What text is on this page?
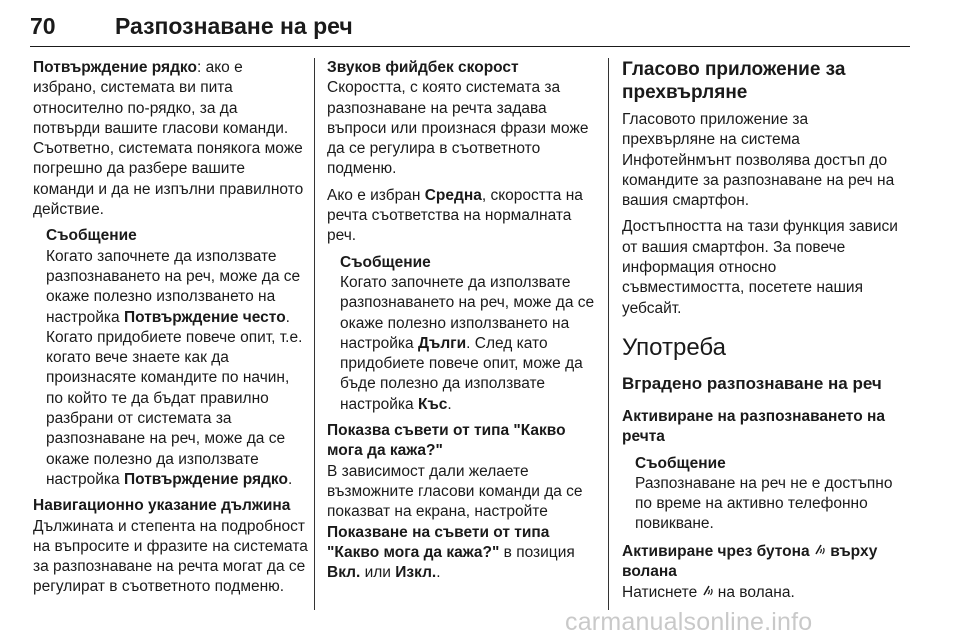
70	Разпознаване на реч

Потвърждение рядко: ако е избрано, системата ви пита относително по-рядко, за да потвърди вашите гласови команди. Съответно, системата понякога може погрешно да разбере вашите команди и да не изпълни правилното действие.

Съобщение

Когато започнете да използвате разпознаването на реч, може да се окаже полезно използването на настройка Потвърждение често. Когато придобиете повече опит, т.е. когато вече знаете как да произнасяте командите по начин, по който те да бъдат правилно разбрани от системата за разпознаване на реч, може да се окаже полезно да използвате настройка Потвърждение рядко.

Навигационно указание дължина

Дължината и степента на подробност на въпросите и фразите на системата за разпознаване на речта могат да се регулират в съответното подменю.

Звуков фийдбек скорост

Скоростта, с която системата за разпознаване на речта задава въпроси или произнася фрази може да се регулира в съответното подменю.

Ако е избран Средна, скоростта на речта съответства на нормалната реч.

Съобщение

Когато започнете да използвате разпознаването на реч, може да се окаже полезно използването на настройка Дълги. След като придобиете повече опит, може да бъде полезно да използвате настройка Къс.

Показва съвети от типа "Какво мога да кажа?"

В зависимост дали желаете възможните гласови команди да се показват на екрана, настройте Показване на съвети от типа "Какво мога да кажа?" в позиция Вкл. или Изкл..

Гласово приложение за прехвърляне

Гласовото приложение за прехвърляне на система Инфотейнмънт позволява достъп до командите за разпознаване на реч на вашия смартфон.

Достъпността на тази функция зависи от вашия смартфон. За повече информация относно съвместимостта, посетете нашия уебсайт.

Употреба

Вградено разпознаване на реч

Активиране на разпознаването на речта

Съобщение

Разпознаване на реч не е достъпно по време на активно телефонно повикване.

Активиране чрез бутона  върху волана

Натиснете  на волана.

carmanualsonline.info
